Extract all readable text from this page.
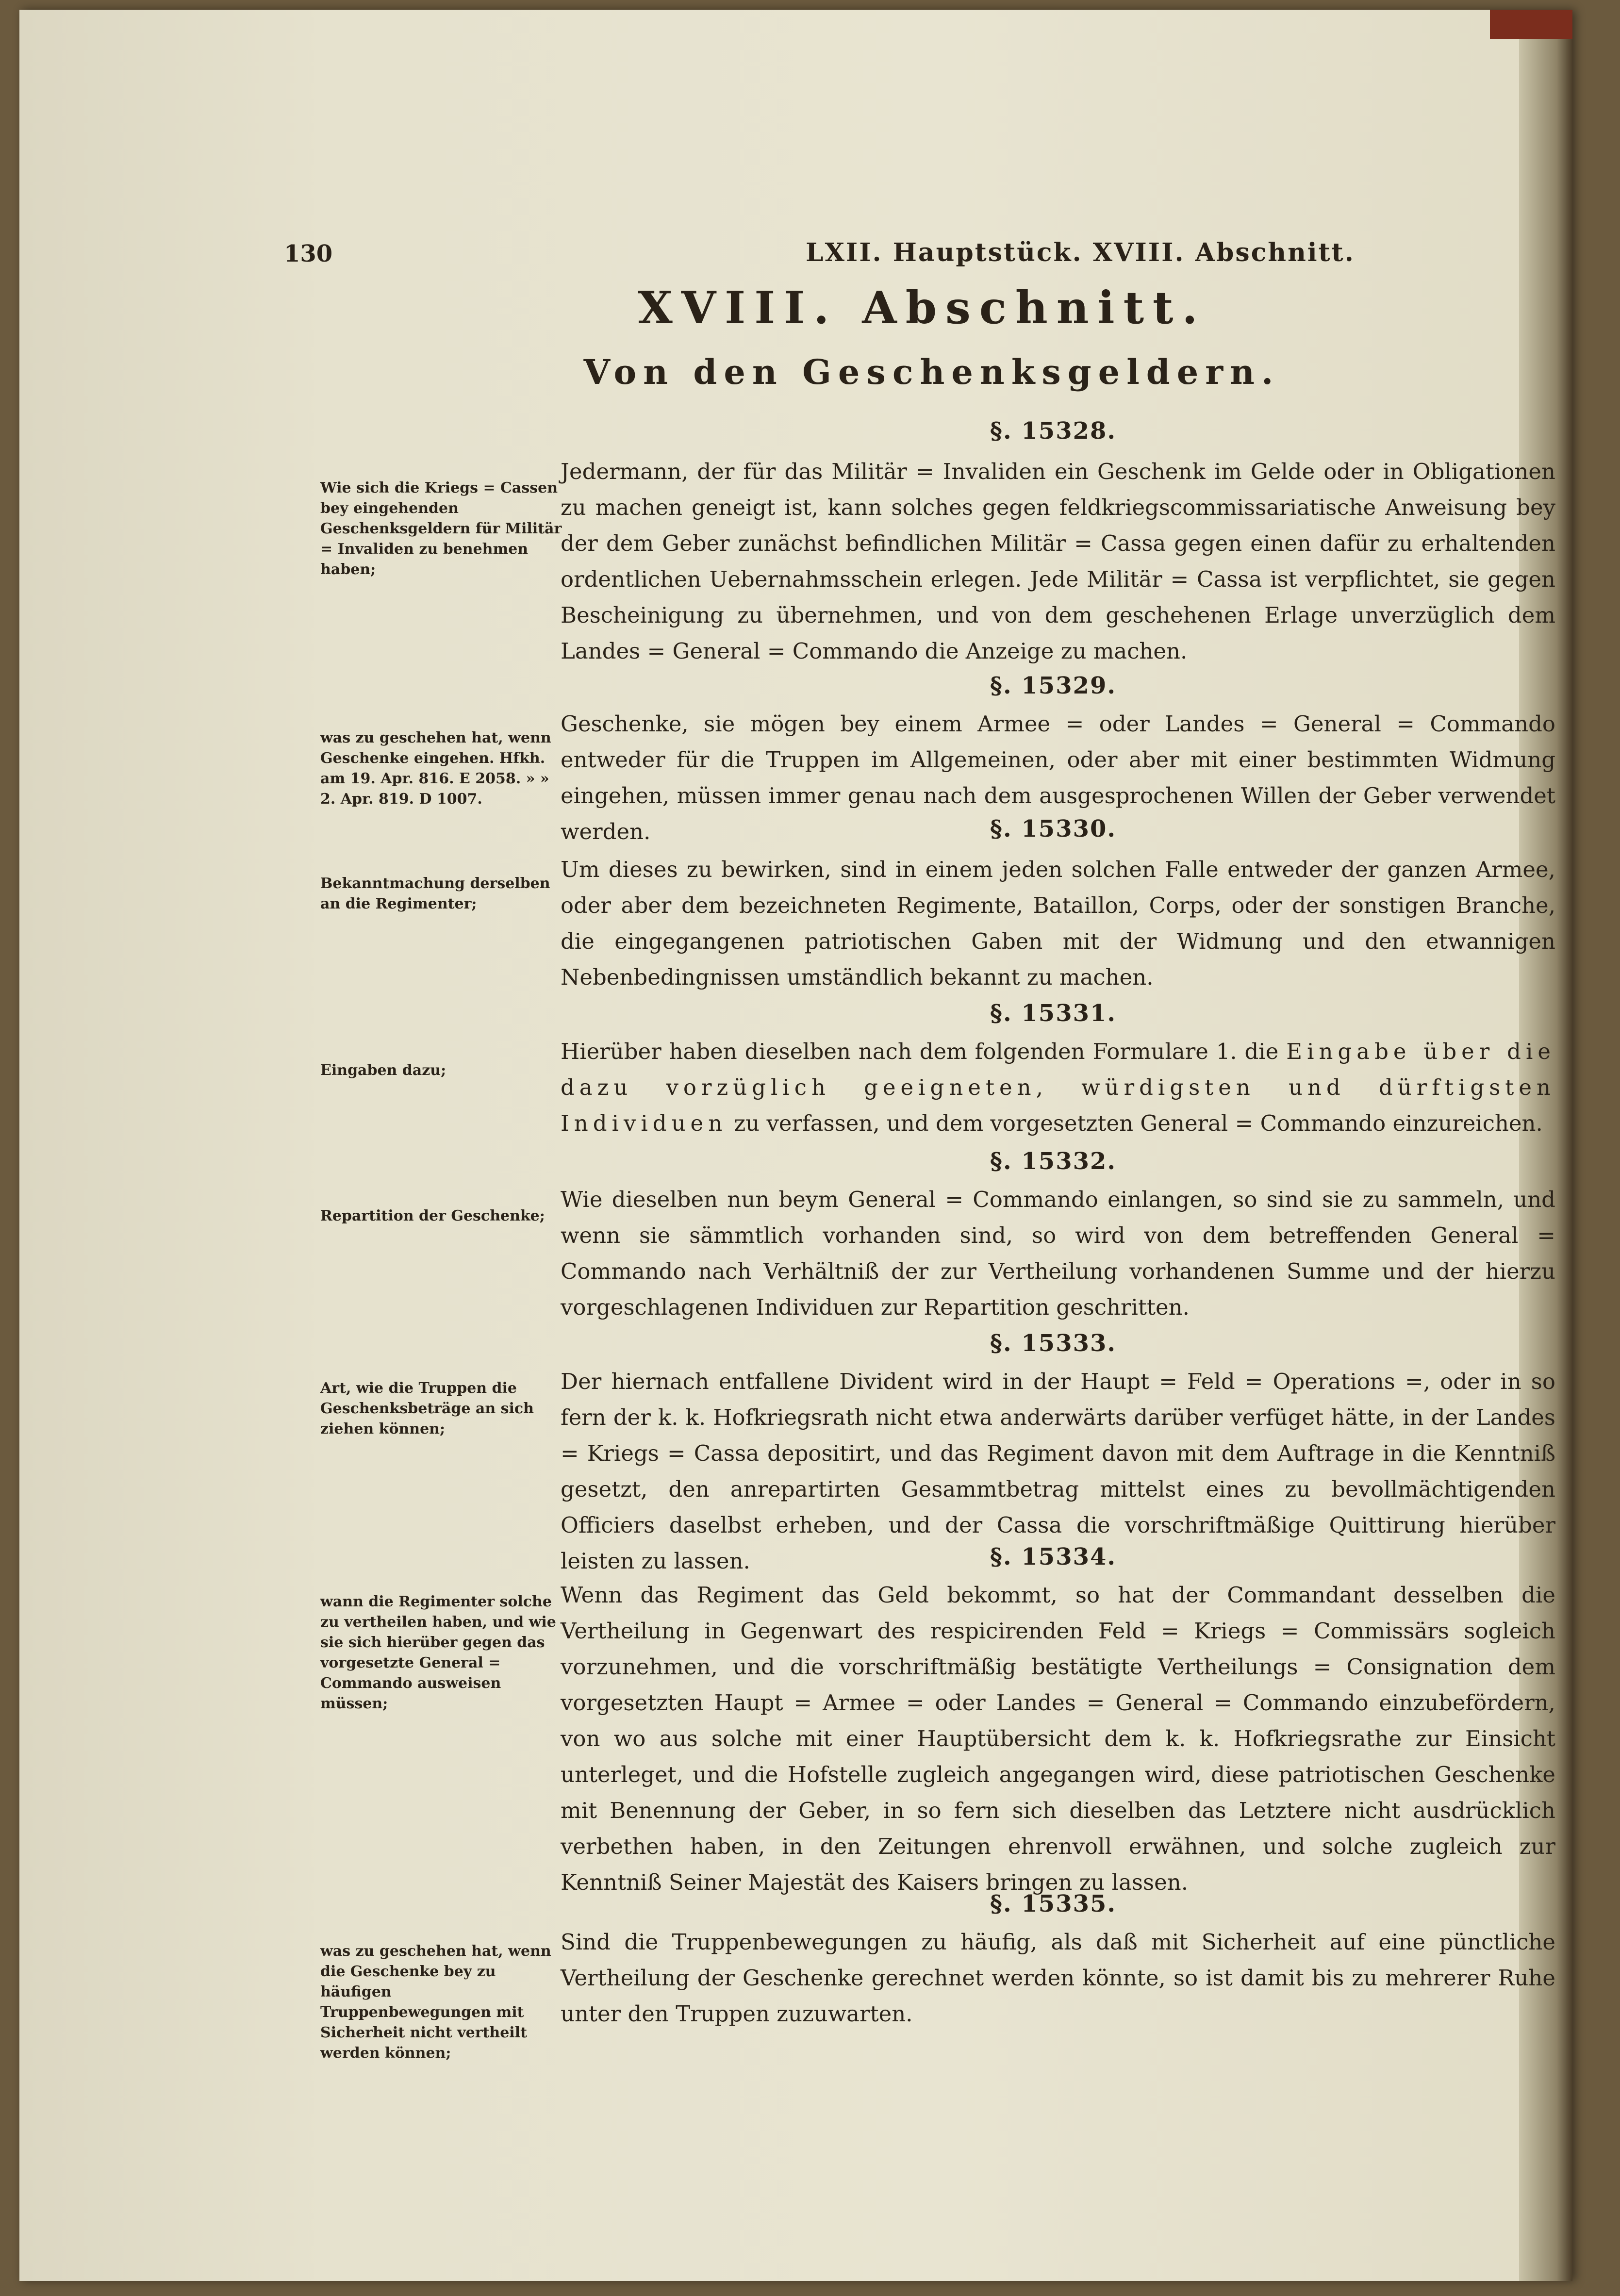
130	LXII. Hauptstück. XVIII. Abschnitt.
XVIII. Abschnitt.
Von den Geschenksgeldern.
§. 15328.
Wie sich die Kriegs = Cassen bey eingehenden Geschenksgeldern für Militär = Invaliden zu benehmen haben;
Jedermann, der für das Militär = Invaliden ein Geschenk im Gelde oder in Obligationen zu machen geneigt ist, kann solches gegen feldkriegscommissariatische Anweisung bey der dem Geber zunächst befindlichen Militär = Cassa gegen einen dafür zu erhaltenden ordentlichen Uebernahmsschein erlegen. Jede Militär = Cassa ist verpflichtet, sie gegen Bescheinigung zu übernehmen, und von dem geschehenen Erlage unverzüglich dem Landes = General = Commando die Anzeige zu machen.
§. 15329.
was zu geschehen hat, wenn Geschenke eingehen. Hfkh. am 19. Apr. 816. E 2058. » » 2. Apr. 819. D 1007.
Geschenke, sie mögen bey einem Armee = oder Landes = General = Commando entweder für die Truppen im Allgemeinen, oder aber mit einer bestimmten Widmung eingehen, müssen immer genau nach dem ausgesprochenen Willen der Geber verwendet werden.	§. 15330.
Bekanntmachung derselben an die Regimenter;
Um dieses zu bewirken, sind in einem jeden solchen Falle entweder der ganzen Armee, oder aber dem bezeichneten Regimente, Bataillon, Corps, oder der sonstigen Branche, die eingegangenen patriotischen Gaben mit der Widmung und den etwannigen Nebenbedingnissen umständlich bekannt zu machen.
§. 15331.
Eingaben dazu;
Hierüber haben dieselben nach dem folgenden Formulare 1. die Eingabe über die dazu vorzüglich geeigneten, würdigsten und dürftigsten Individuen zu verfassen, und dem vorgesetzten General = Commando einzureichen.
§. 15332.
Repartition der Geschenke;
Wie dieselben nun beym General = Commando einlangen, so sind sie zu sammeln, und wenn sie sämmtlich vorhanden sind, so wird von dem betreffenden General = Commando nach Verhältniß der zur Vertheilung vorhandenen Summe und der hierzu vorgeschlagenen Individuen zur Repartition geschritten.
§. 15333.
Art, wie die Truppen die Geschenksbeträge an sich ziehen können;
Der hiernach entfallene Divident wird in der Haupt = Feld = Operations =, oder in so fern der k. k. Hofkriegsrath nicht etwa anderwärts darüber verfüget hätte, in der Landes = Kriegs = Cassa depositirt, und das Regiment davon mit dem Auftrage in die Kenntniß gesetzt, den anrepartirten Gesammtbetrag mittelst eines zu bevollmächtigenden Officiers daselbst erheben, und der Cassa die vorschriftmäßige Quittirung hierüber leisten zu lassen.	§. 15334.
wann die Regimenter solche zu vertheilen haben, und wie sie sich hierüber gegen das vorgesetzte General = Commando ausweisen müssen;
Wenn das Regiment das Geld bekommt, so hat der Commandant desselben die Vertheilung in Gegenwart des respicirenden Feld = Kriegs = Commissärs sogleich vorzunehmen, und die vorschriftmäßig bestätigte Vertheilungs = Consignation dem vorgesetzten Haupt = Armee = oder Landes = General = Commando einzubefördern, von wo aus solche mit einer Hauptübersicht dem k. k. Hofkriegsrathe zur Einsicht unterleget, und die Hofstelle zugleich angegangen wird, diese patriotischen Geschenke mit Benennung der Geber, in so fern sich dieselben das Letztere nicht ausdrücklich verbethen haben, in den Zeitungen ehrenvoll erwähnen, und solche zugleich zur Kenntniß Seiner Majestät des Kaisers bringen zu lassen.
§. 15335.
was zu geschehen hat, wenn die Geschenke bey zu häufigen Truppenbewegungen mit Sicherheit nicht vertheilt werden können;
Sind die Truppenbewegungen zu häufig, als daß mit Sicherheit auf eine pünctliche Vertheilung der Geschenke gerechnet werden könnte, so ist damit bis zu mehrerer Ruhe unter den Truppen zuzuwarten.
